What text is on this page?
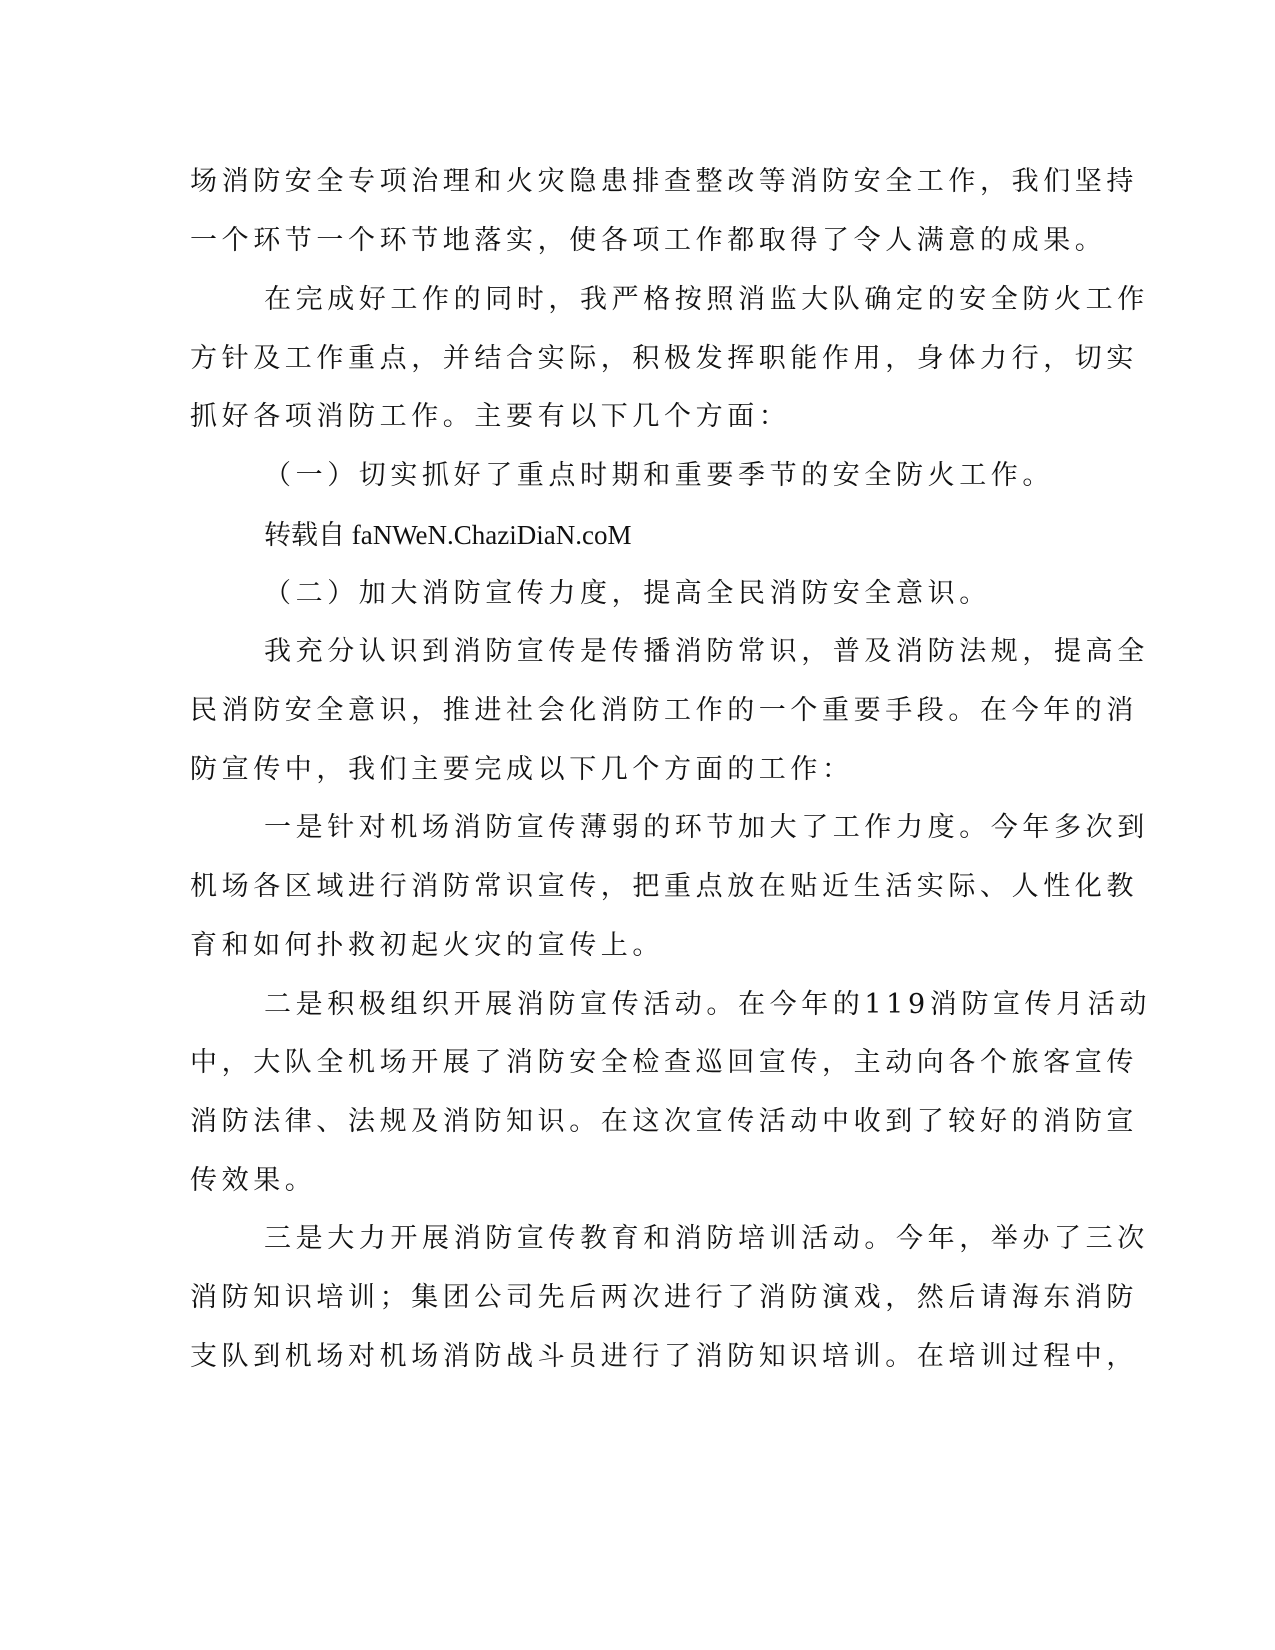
场消防安全专项治理和火灾隐患排查整改等消防安全工作，我们坚持

一个环节一个环节地落实，使各项工作都取得了令人满意的成果。

在完成好工作的同时，我严格按照消监大队确定的安全防火工作

方针及工作重点，并结合实际，积极发挥职能作用，身体力行，切实

抓好各项消防工作。主要有以下几个方面：

（一）切实抓好了重点时期和重要季节的安全防火工作。

转载自 faNWeN.ChaziDiaN.coM

（二）加大消防宣传力度，提高全民消防安全意识。

我充分认识到消防宣传是传播消防常识，普及消防法规，提高全

民消防安全意识，推进社会化消防工作的一个重要手段。在今年的消

防宣传中，我们主要完成以下几个方面的工作：

一是针对机场消防宣传薄弱的环节加大了工作力度。今年多次到

机场各区域进行消防常识宣传，把重点放在贴近生活实际、人性化教

育和如何扑救初起火灾的宣传上。

二是积极组织开展消防宣传活动。在今年的119消防宣传月活动

中，大队全机场开展了消防安全检查巡回宣传，主动向各个旅客宣传

消防法律、法规及消防知识。在这次宣传活动中收到了较好的消防宣

传效果。

三是大力开展消防宣传教育和消防培训活动。今年，举办了三次

消防知识培训；集团公司先后两次进行了消防演戏，然后请海东消防

支队到机场对机场消防战斗员进行了消防知识培训。在培训过程中，
